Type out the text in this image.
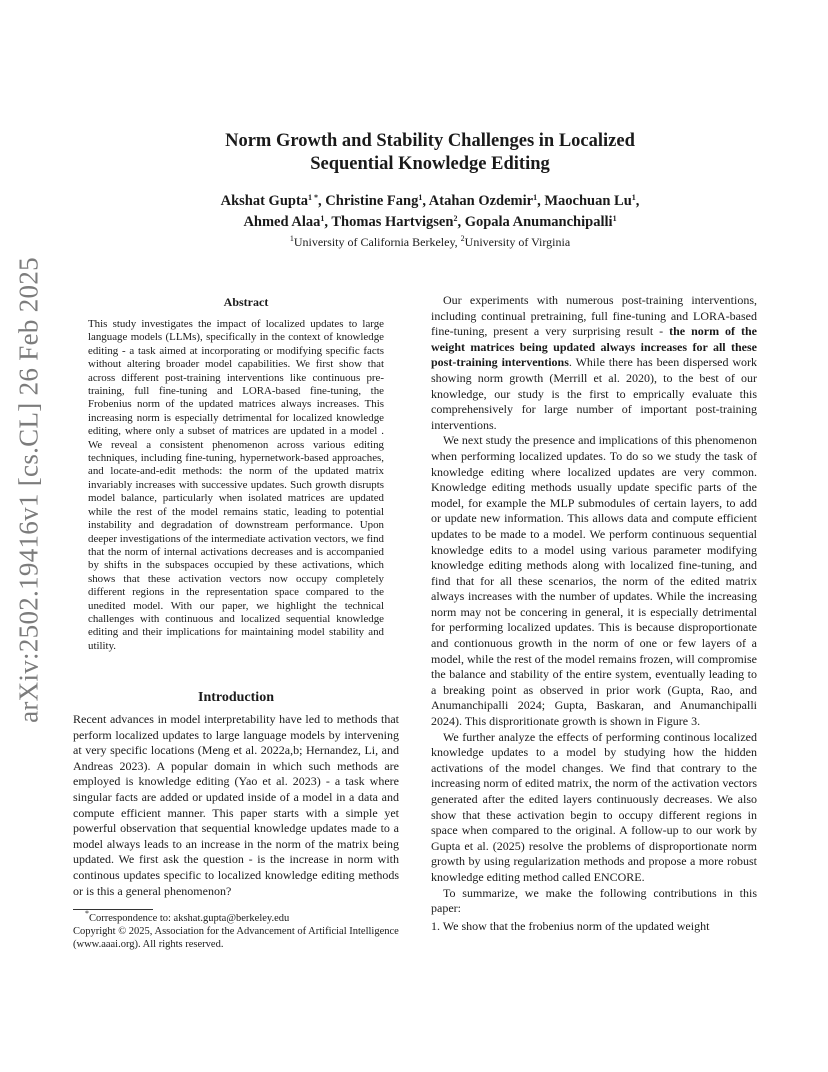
arXiv:2502.19416v1 [cs.CL] 26 Feb 2025
Norm Growth and Stability Challenges in Localized
Sequential Knowledge Editing
Akshat Gupta$^{1 *}$, Christine Fang$^1$, Atahan Ozdemir$^1$, Maochuan Lu$^1$,
Ahmed Alaa$^1$, Thomas Hartvigsen$^2$, Gopala Anumanchipalli$^1$
$^1$University of California Berkeley, $^2$University of Virginia
Abstract
This study investigates the impact of localized updates to large language models (LLMs), specifically in the context of knowledge editing - a task aimed at incorporating or modifying specific facts without altering broader model capabilities. We first show that across different post-training interventions like continuous pre-training, full fine-tuning and LORA-based fine-tuning, the Frobenius norm of the updated matrices always increases. This increasing norm is especially detrimental for localized knowledge editing, where only a subset of matrices are updated in a model . We reveal a consistent phenomenon across various editing techniques, including fine-tuning, hypernetwork-based approaches, and locate-and-edit methods: the norm of the updated matrix invariably increases with successive updates. Such growth disrupts model balance, particularly when isolated matrices are updated while the rest of the model remains static, leading to potential instability and degradation of downstream performance. Upon deeper investigations of the intermediate activation vectors, we find that the norm of internal activations decreases and is accompanied by shifts in the subspaces occupied by these activations, which shows that these activation vectors now occupy completely different regions in the representation space compared to the unedited model. With our paper, we highlight the technical challenges with continuous and localized sequential knowledge editing and their implications for maintaining model stability and utility.
Introduction
Recent advances in model interpretability have led to methods that perform localized updates to large language models by intervening at very specific locations (Meng et al. 2022a,b; Hernandez, Li, and Andreas 2023). A popular domain in which such methods are employed is knowledge editing (Yao et al. 2023) - a task where singular facts are added or updated inside of a model in a data and compute efficient manner. This paper starts with a simple yet powerful observation that sequential knowledge updates made to a model always leads to an increase in the norm of the matrix being updated. We first ask the question - is the increase in norm with continous updates specific to localized knowledge editing methods or is this a general phenomenon?

*Correspondence to: akshat.gupta@berkeley.edu

Copyright © 2025, Association for the Advancement of Artificial Intelligence (www.aaai.org). All rights reserved.

Our experiments with numerous post-training interventions, including continual pretraining, full fine-tuning and LORA-based fine-tuning, present a very surprising result - the norm of the weight matrices being updated always increases for all these post-training interventions. While there has been dispersed work showing norm growth (Merrill et al. 2020), to the best of our knowledge, our study is the first to emprically evaluate this comprehensively for large number of important post-training interventions.

We next study the presence and implications of this phenomenon when performing localized updates. To do so we study the task of knowledge editing where localized updates are very common. Knowledge editing methods usually update specific parts of the model, for example the MLP submodules of certain layers, to add or update new information. This allows data and compute efficient updates to be made to a model. We perform continuous sequential knowledge edits to a model using various parameter modifying knowledge editing methods along with localized fine-tuning, and find that for all these scenarios, the norm of the edited matrix always increases with the number of updates. While the increasing norm may not be concering in general, it is especially detrimental for performing localized updates. This is because disproportionate and contionuous growth in the norm of one or few layers of a model, while the rest of the model remains frozen, will compromise the balance and stability of the entire system, eventually leading to a breaking point as observed in prior work (Gupta, Rao, and Anumanchipalli 2024; Gupta, Baskaran, and Anumanchipalli 2024). This disproritionate growth is shown in Figure 3.

We further analyze the effects of performing continous localized knowledge updates to a model by studying how the hidden activations of the model changes. We find that contrary to the increasing norm of edited matrix, the norm of the activation vectors generated after the edited layers continuously decreases. We also show that these activation begin to occupy different regions in space when compared to the original. A follow-up to our work by Gupta et al. (2025) resolve the problems of disproportionate norm growth by using regularization methods and propose a more robust knowledge editing method called ENCORE.

To summarize, we make the following contributions in this paper:

1. We show that the frobenius norm of the updated weight
